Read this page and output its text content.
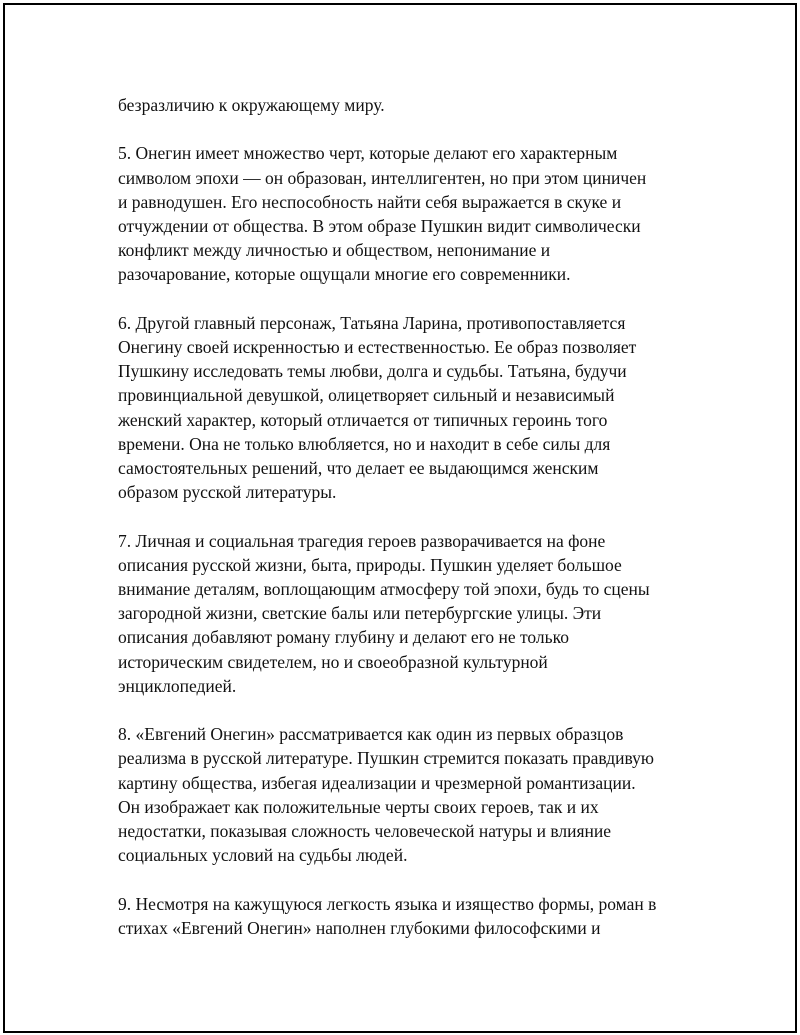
безразличию к окружающему миру.

5. Онегин имеет множество черт, которые делают его характерным
символом эпохи — он образован, интеллигентен, но при этом циничен
и равнодушен. Его неспособность найти себя выражается в скуке и
отчуждении от общества. В этом образе Пушкин видит символически
конфликт между личностью и обществом, непонимание и
разочарование, которые ощущали многие его современники.

6. Другой главный персонаж, Татьяна Ларина, противопоставляется
Онегину своей искренностью и естественностью. Ее образ позволяет
Пушкину исследовать темы любви, долга и судьбы. Татьяна, будучи
провинциальной девушкой, олицетворяет сильный и независимый
женский характер, который отличается от типичных героинь того
времени. Она не только влюбляется, но и находит в себе силы для
самостоятельных решений, что делает ее выдающимся женским
образом русской литературы.

7. Личная и социальная трагедия героев разворачивается на фоне
описания русской жизни, быта, природы. Пушкин уделяет большое
внимание деталям, воплощающим атмосферу той эпохи, будь то сцены
загородной жизни, светские балы или петербургские улицы. Эти
описания добавляют роману глубину и делают его не только
историческим свидетелем, но и своеобразной культурной
энциклопедией.

8. «Евгений Онегин» рассматривается как один из первых образцов
реализма в русской литературе. Пушкин стремится показать правдивую
картину общества, избегая идеализации и чрезмерной романтизации.
Он изображает как положительные черты своих героев, так и их
недостатки, показывая сложность человеческой натуры и влияние
социальных условий на судьбы людей.

9. Несмотря на кажущуюся легкость языка и изящество формы, роман в
стихах «Евгений Онегин» наполнен глубокими философскими и
